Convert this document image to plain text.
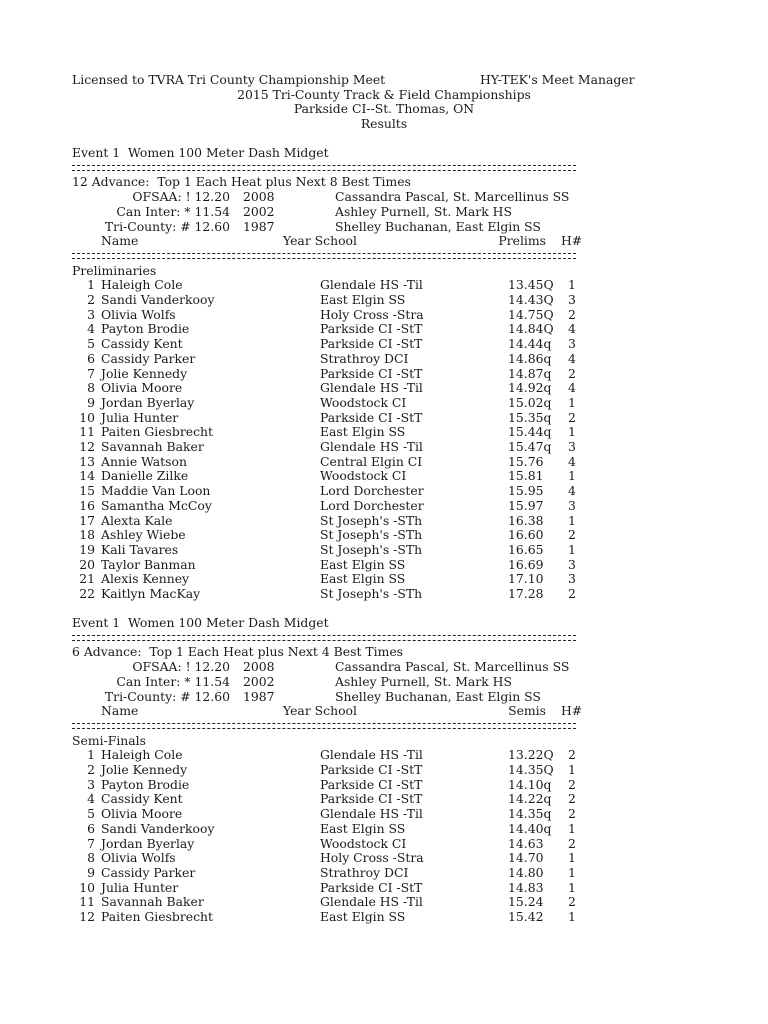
Licensed to TVRA Tri County Championship Meet

	HY-TEK's Meet Manager

2015 Tri-County Track & Field Championships
Parkside CI--St. Thomas, ON
Results
Event 1  Women 100 Meter Dash Midget
12 Advance:  Top 1 Each Heat plus Next 8 Best Times
OFSAA: ! 12.20 2008	Cassandra Pascal, St. Marcellinus SS
Can Inter: * 11.54 2002	Ashley Purnell, St. Mark HS
Tri-County: # 12.60 1987	Shelley Buchanan, East Elgin SS
Name	Year School	Prelims H#
Preliminaries
1 Haleigh Cole	Glendale HS -Til	13.45Q 1
2 Sandi Vanderkooy	East Elgin SS	14.43Q 3
3 Olivia Wolfs	Holy Cross -Stra	14.75Q 2
4 Payton Brodie	Parkside CI -StT	14.84Q 4
5 Cassidy Kent	Parkside CI -StT	14.44q 3
6 Cassidy Parker	Strathroy DCI	14.86q 4
7 Jolie Kennedy	Parkside CI -StT	14.87q 2
8 Olivia Moore	Glendale HS -Til	14.92q 4
9 Jordan Byerlay	Woodstock CI	15.02q 1
10 Julia Hunter	Parkside CI -StT	15.35q 2
11 Paiten Giesbrecht	East Elgin SS	15.44q 1
12 Savannah Baker	Glendale HS -Til	15.47q 3
13 Annie Watson	Central Elgin CI	15.76 4
14 Danielle Zilke	Woodstock CI	15.81 1
15 Maddie Van Loon	Lord Dorchester	15.95 4
16 Samantha McCoy	Lord Dorchester	15.97 3
17 Alexta Kale	St Joseph's -STh	16.38 1
18 Ashley Wiebe	St Joseph's -STh	16.60 2
19 Kali Tavares	St Joseph's -STh	16.65 1
20 Taylor Banman	East Elgin SS	16.69 3
21 Alexis Kenney	East Elgin SS	17.10 3
22 Kaitlyn MacKay	St Joseph's -STh	17.28 2
Event 1  Women 100 Meter Dash Midget
6 Advance:  Top 1 Each Heat plus Next 4 Best Times
OFSAA: ! 12.20 2008	Cassandra Pascal, St. Marcellinus SS
Can Inter: * 11.54 2002	Ashley Purnell, St. Mark HS
Tri-County: # 12.60 1987	Shelley Buchanan, East Elgin SS
Name	Year School	Semis H#
Semi-Finals
1 Haleigh Cole	Glendale HS -Til	13.22Q 2
2 Jolie Kennedy	Parkside CI -StT	14.35Q 1
3 Payton Brodie	Parkside CI -StT	14.10q 2
4 Cassidy Kent	Parkside CI -StT	14.22q 2
5 Olivia Moore	Glendale HS -Til	14.35q 2
6 Sandi Vanderkooy	East Elgin SS	14.40q 1
7 Jordan Byerlay	Woodstock CI	14.63 2
8 Olivia Wolfs	Holy Cross -Stra	14.70 1
9 Cassidy Parker	Strathroy DCI	14.80 1
10 Julia Hunter	Parkside CI -StT	14.83 1
11 Savannah Baker	Glendale HS -Til	15.24 2
12 Paiten Giesbrecht	East Elgin SS	15.42 1
